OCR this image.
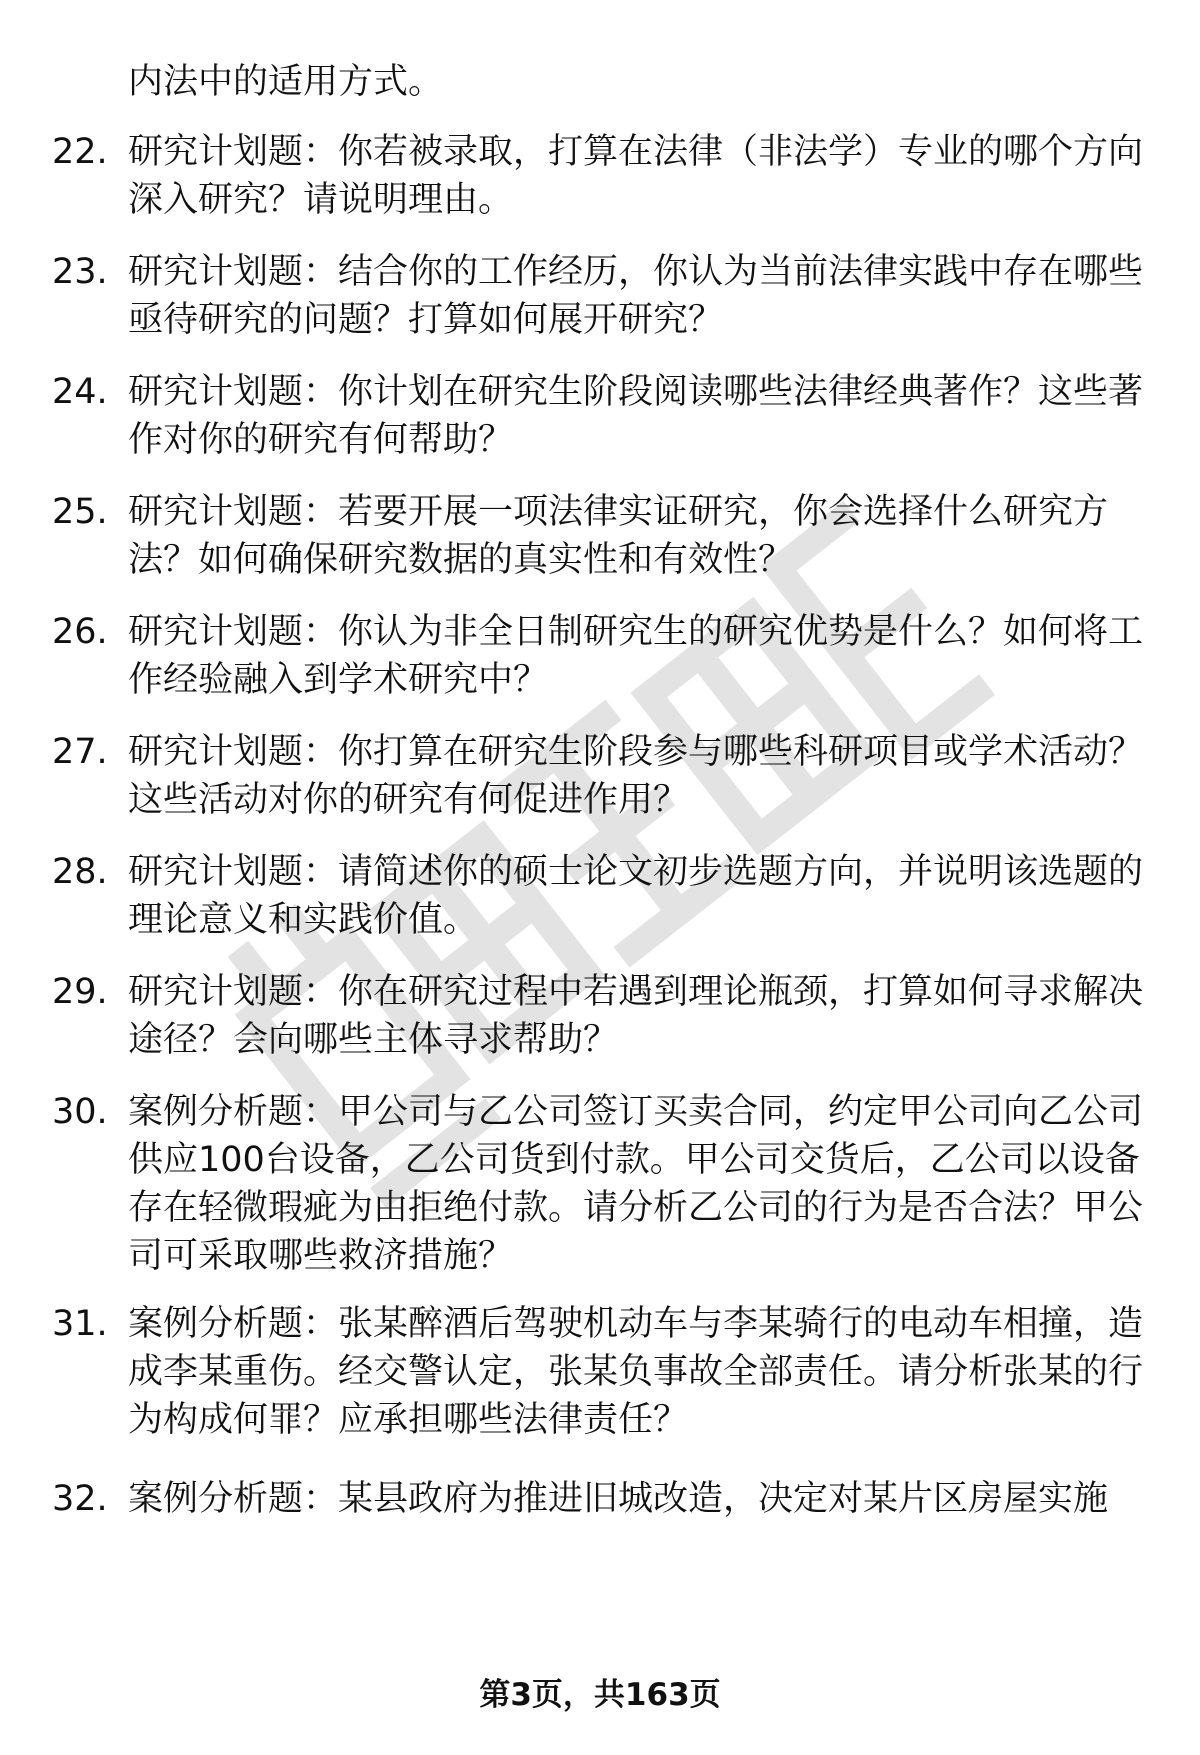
内法中的适用方式。

22. 研究计划题：你若被录取，打算在法律（非法学）专业的哪个方向深入研究？请说明理由。

23. 研究计划题：结合你的工作经历，你认为当前法律实践中存在哪些亟待研究的问题？打算如何展开研究？

24. 研究计划题：你计划在研究生阶段阅读哪些法律经典著作？这些著作对你的研究有何帮助？

25. 研究计划题：若要开展一项法律实证研究，你会选择什么研究方法？如何确保研究数据的真实性和有效性？

26. 研究计划题：你认为非全日制研究生的研究优势是什么？如何将工作经验融入到学术研究中？

27. 研究计划题：你打算在研究生阶段参与哪些科研项目或学术活动？这些活动对你的研究有何促进作用？

28. 研究计划题：请简述你的硕士论文初步选题方向，并说明该选题的理论意义和实践价值。

29. 研究计划题：你在研究过程中若遇到理论瓶颈，打算如何寻求解决途径？会向哪些主体寻求帮助？

30. 案例分析题：甲公司与乙公司签订买卖合同，约定甲公司向乙公司供应100台设备，乙公司货到付款。甲公司交货后，乙公司以设备存在轻微瑕疵为由拒绝付款。请分析乙公司的行为是否合法？甲公司可采取哪些救济措施？

31. 案例分析题：张某醉酒后驾驶机动车与李某骑行的电动车相撞，造成李某重伤。经交警认定，张某负事故全部责任。请分析张某的行为构成何罪？应承担哪些法律责任？

32. 案例分析题：某县政府为推进旧城改造，决定对某片区房屋实施

第3页，共163页
